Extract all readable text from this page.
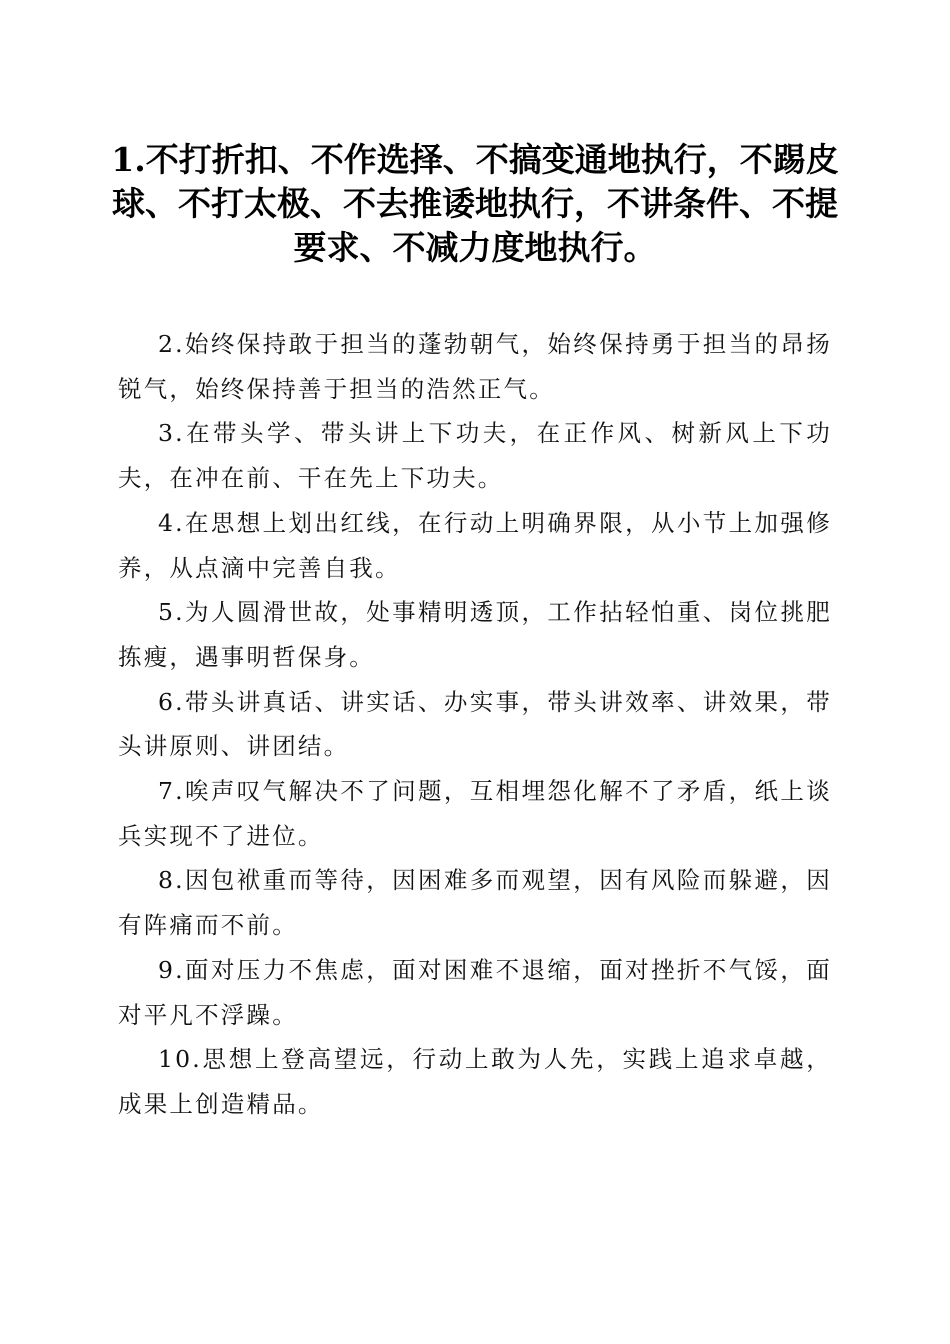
1.不打折扣、不作选择、不搞变通地执行，不踢皮球、不打太极、不去推诿地执行，不讲条件、不提要求、不减力度地执行。

2.始终保持敢于担当的蓬勃朝气，始终保持勇于担当的昂扬锐气，始终保持善于担当的浩然正气。

3.在带头学、带头讲上下功夫，在正作风、树新风上下功夫，在冲在前、干在先上下功夫。

4.在思想上划出红线，在行动上明确界限，从小节上加强修养，从点滴中完善自我。

5.为人圆滑世故，处事精明透顶，工作拈轻怕重、岗位挑肥拣瘦，遇事明哲保身。

6.带头讲真话、讲实话、办实事，带头讲效率、讲效果，带头讲原则、讲团结。

7.唉声叹气解决不了问题，互相埋怨化解不了矛盾，纸上谈兵实现不了进位。

8.因包袱重而等待，因困难多而观望，因有风险而躲避，因有阵痛而不前。

9.面对压力不焦虑，面对困难不退缩，面对挫折不气馁，面对平凡不浮躁。

10.思想上登高望远，行动上敢为人先，实践上追求卓越，成果上创造精品。
